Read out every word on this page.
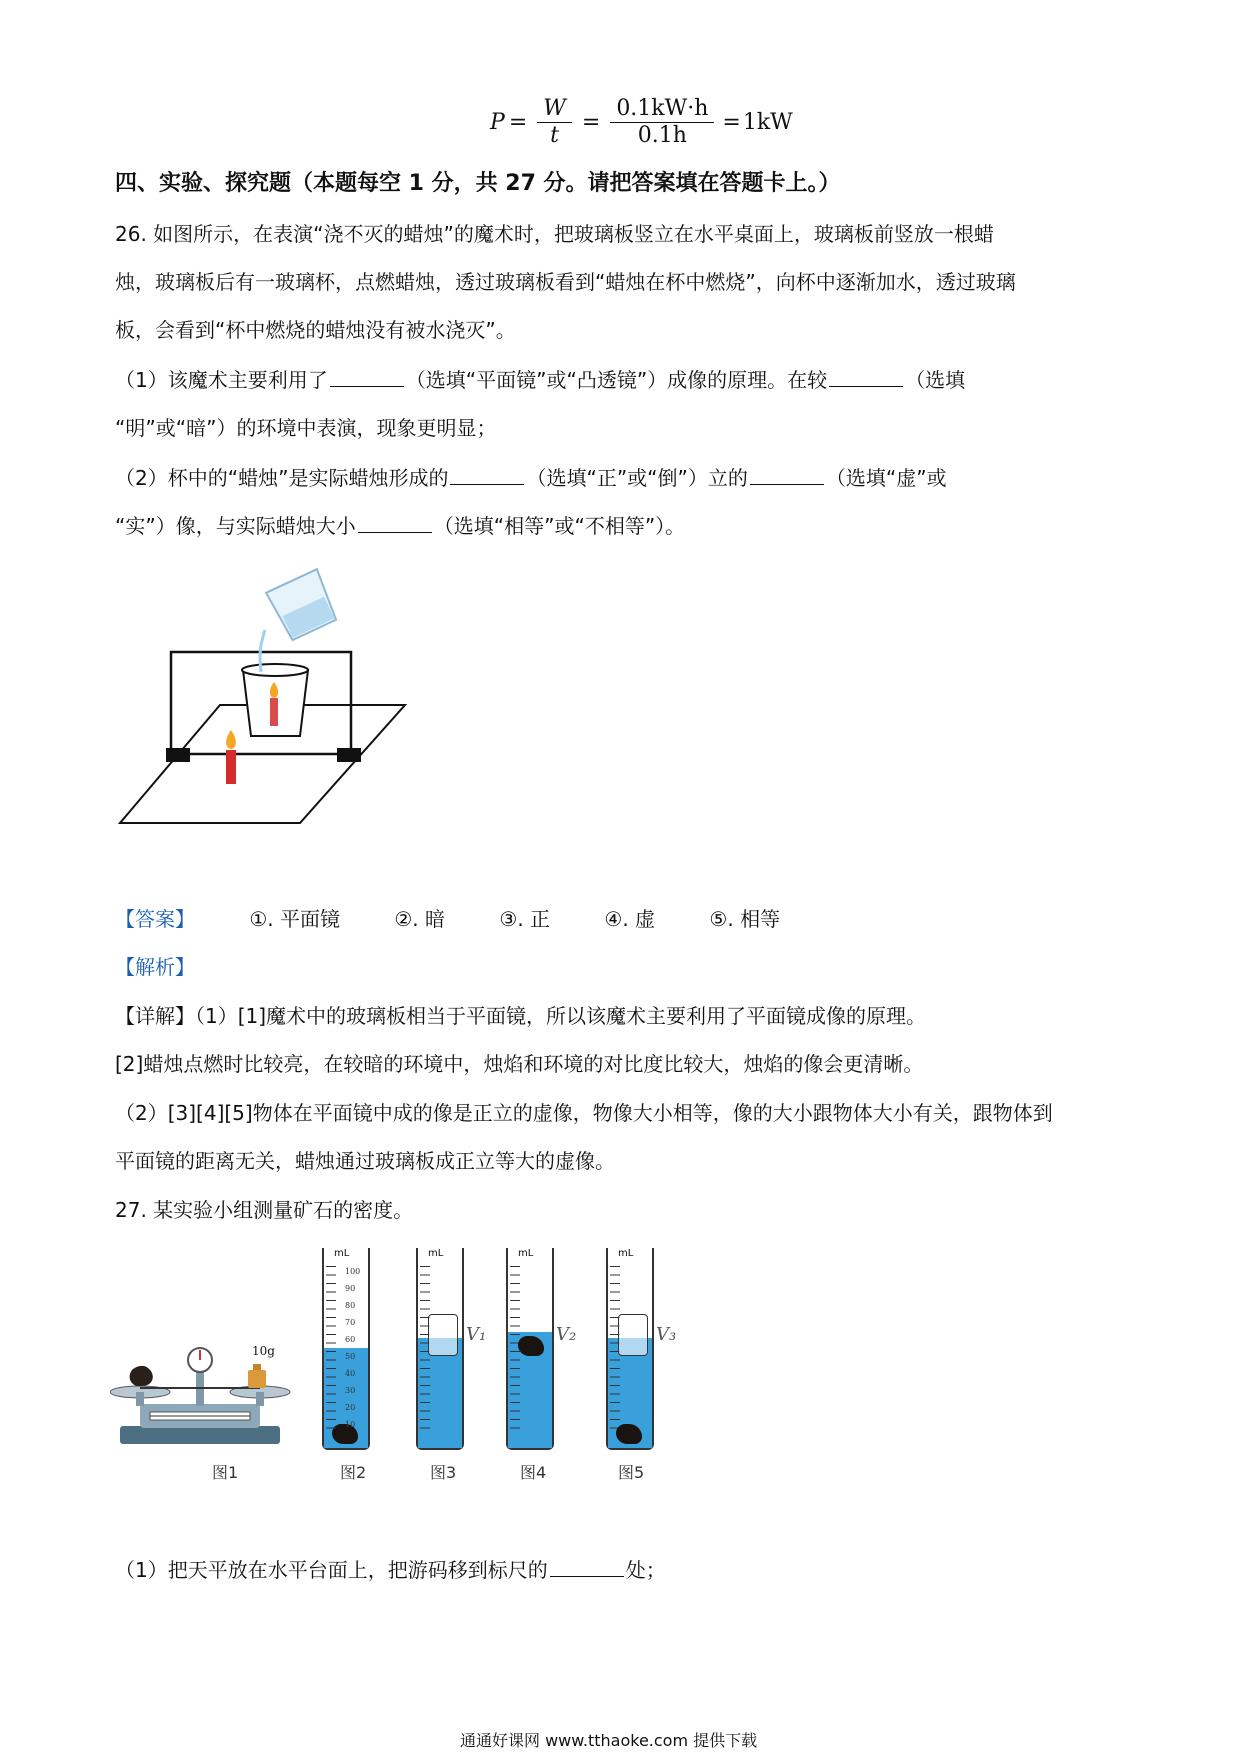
$P = \frac{W}{t} = \frac{0.1kW\cdot h}{0.1h} = 1kW$
四、实验、探究题（本题每空 1 分，共 27 分。请把答案填在答题卡上。）
26. 如图所示，在表演“浇不灭的蜡烛”的魔术时，把玻璃板竖立在水平桌面上，玻璃板前竖放一根蜡
烛，玻璃板后有一玻璃杯，点燃蜡烛，透过玻璃板看到“蜡烛在杯中燃烧”，向杯中逐渐加水，透过玻璃
板，会看到“杯中燃烧的蜡烛没有被水浇灭”。
（1）该魔术主要利用了	（选填“平面镜”或“凸透镜”）成像的原理。在较	（选填
“明”或“暗”）的环境中表演，现象更明显；
（2）杯中的“蜡烛”是实际蜡烛形成的	（选填“正”或“倒”）立的	（选填“虚”或
“实”）像，与实际蜡烛大小	（选填“相等”或“不相等”）。
【答案】	①. 平面镜	②. 暗	③. 正	④. 虚	⑤. 相等
【解析】
【详解】（1）[1]魔术中的玻璃板相当于平面镜，所以该魔术主要利用了平面镜成像的原理。
[2]蜡烛点燃时比较亮，在较暗的环境中，烛焰和环境的对比度比较大，烛焰的像会更清晰。
（2）[3][4][5]物体在平面镜中成的像是正立的虚像，物像大小相等，像的大小跟物体大小有关，跟物体到
平面镜的距离无关，蜡烛通过玻璃板成正立等大的虚像。
27. 某实验小组测量矿石的密度。
10g
mL
100
90
80
70
60
50
40
30
20
10
mL
V₁
mL
V₂
mL
V₃
图1	图2	图3	图4	图5
（1）把天平放在水平台面上，把游码移到标尺的	处；
通通好课网 www.tthaoke.com 提供下载
